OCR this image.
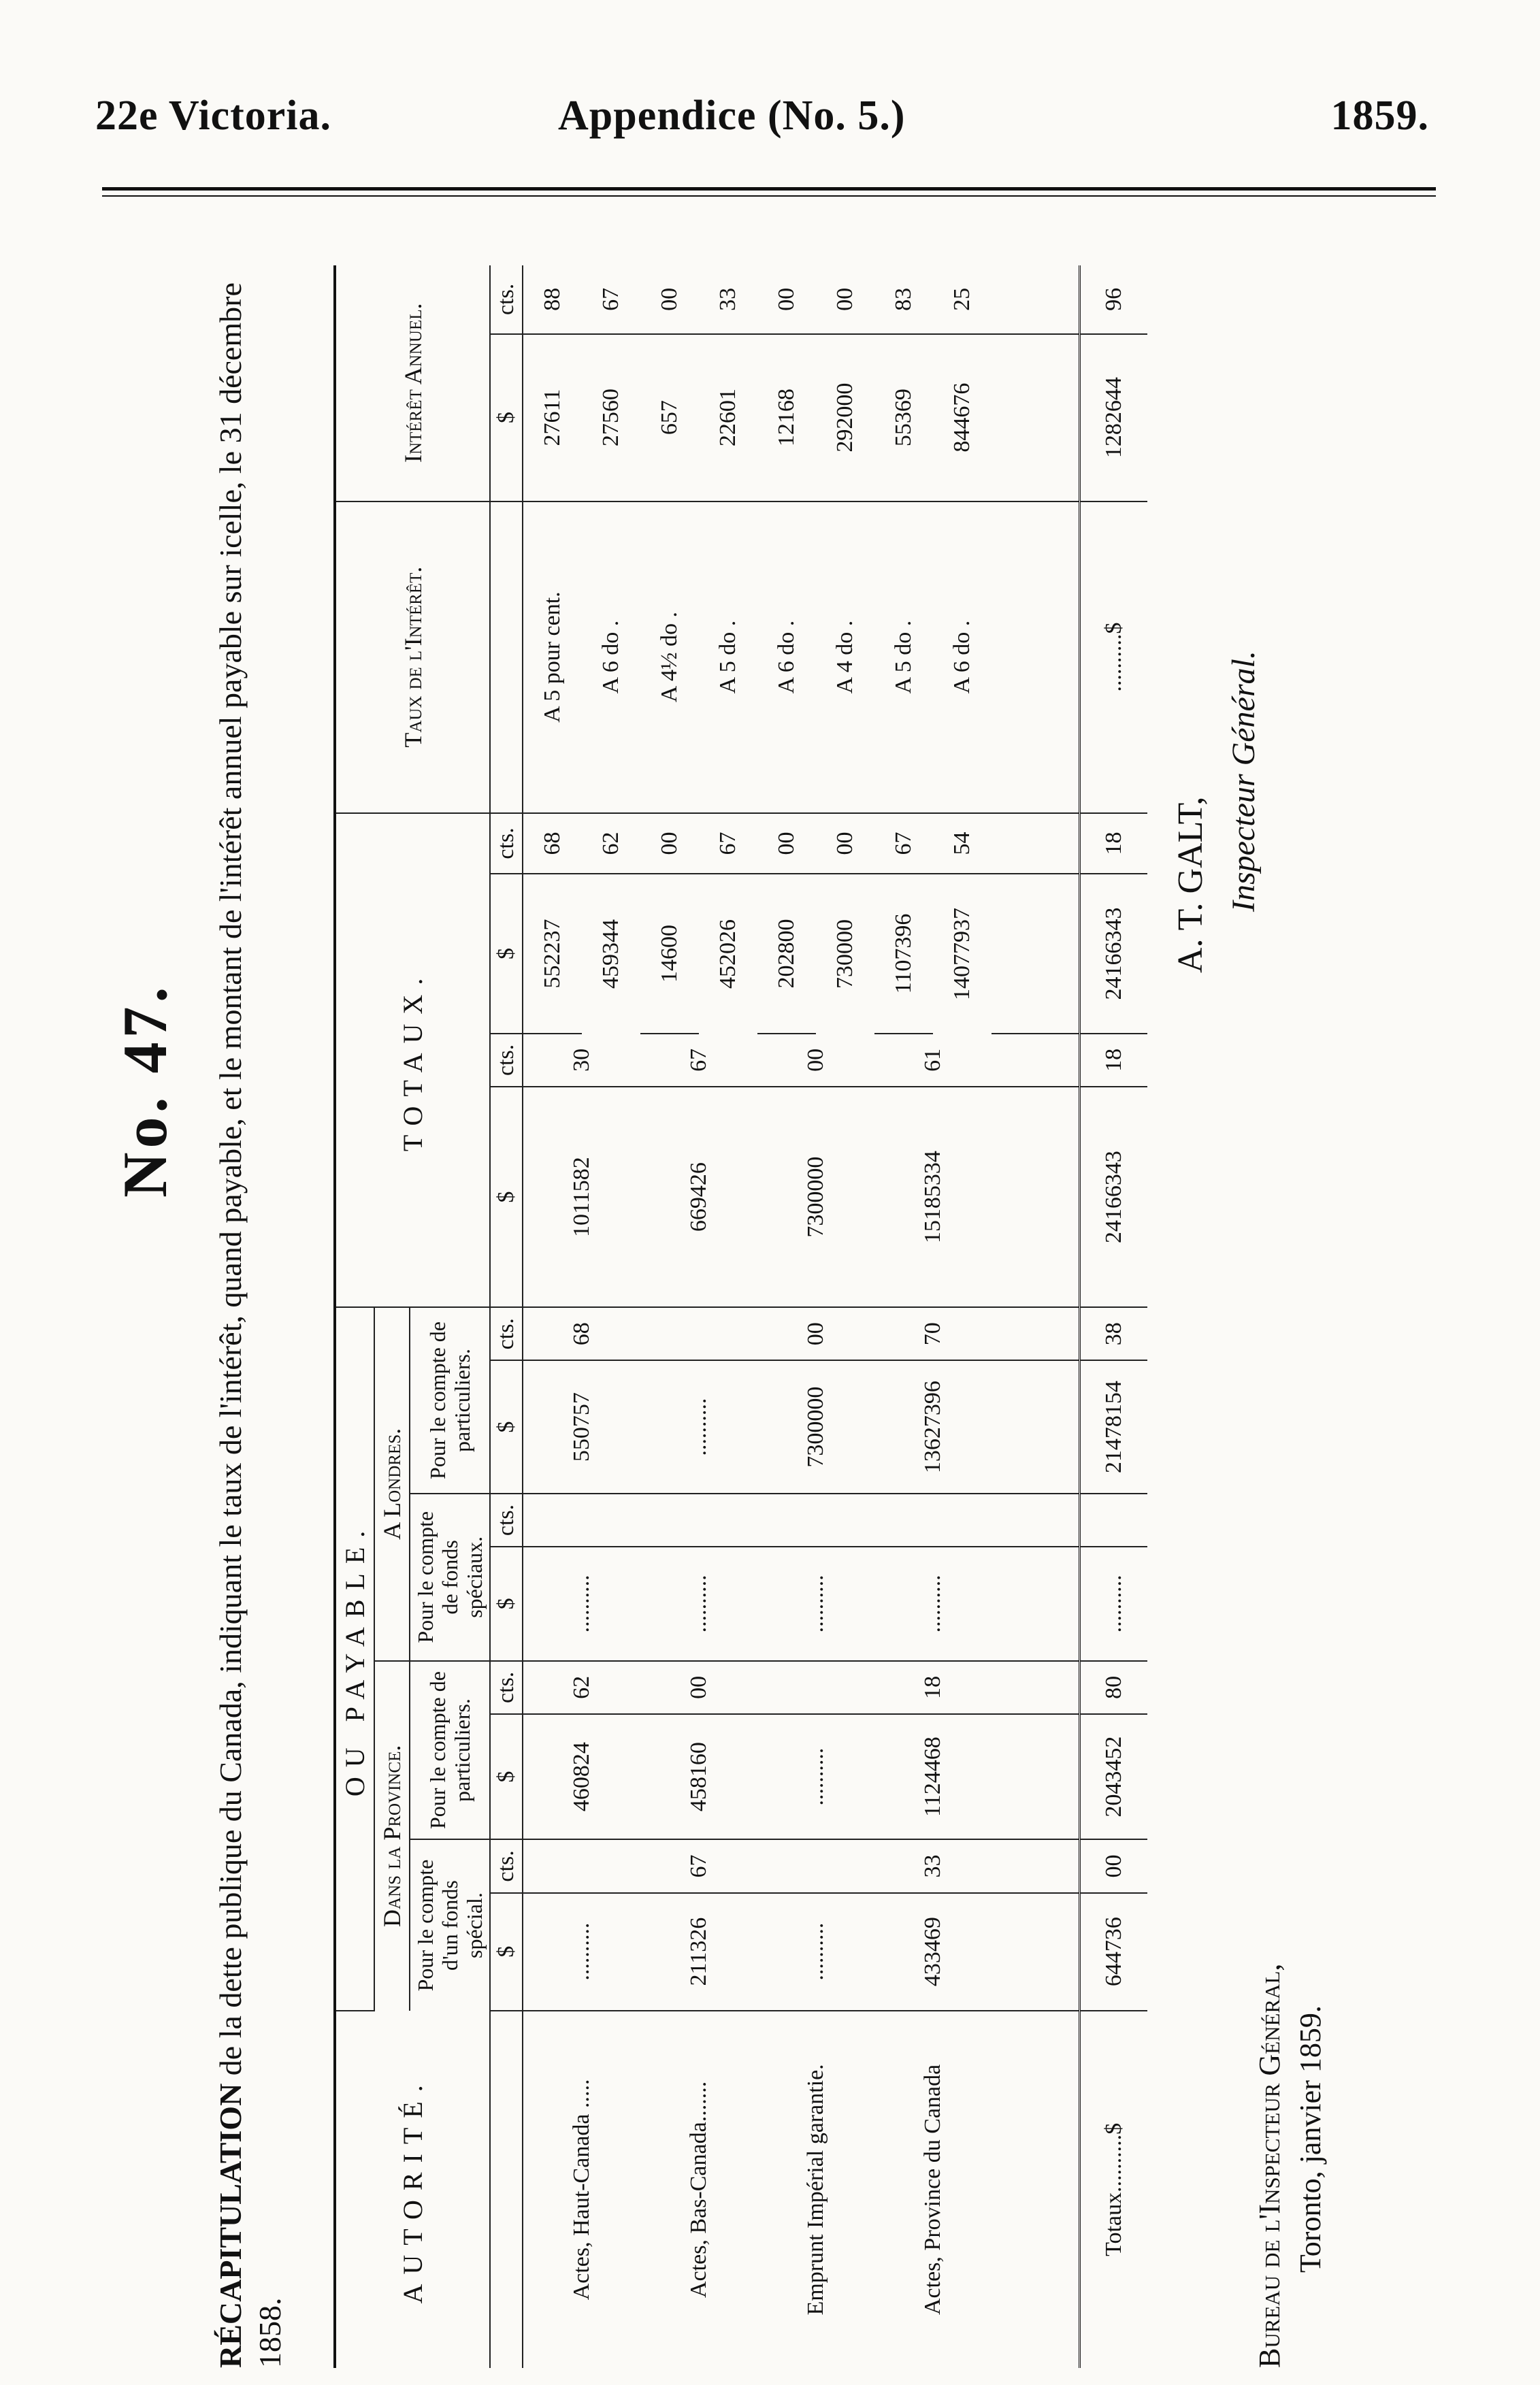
22e Victoria.	Appendice (No. 5.)	1859.
No. 47.
RÉCAPITULATION de la dette publique du Canada, indiquant le taux de l'intérêt, quand payable, et le montant de l'intérêt annuel payable sur icelle, le 31 décembre 1858.
AUTORITÉ.	OU PAYABLE.								TOTAUX.				Taux de l'Intérêt.	Intérêt Annuel.	
	Dans la Province.				A Londres.										
	Pour le compte d'un fonds spécial.		Pour le compte de particuliers.		Pour le compte de fonds spéciaux.		Pour le compte de particuliers.								
	$	cts.	$	cts.	$	cts.	$	cts.	$	cts.	$	cts.		$	cts.
Actes, Haut-Canada .....	..........		460824	62	..........		550757	68	1011582	30	552237	68	A 5 pour cent.	27611	88
											459344	62	A 6 do .	27560	67
Actes, Bas-Canada.......	211326	67	458160	00	..........		..........		669426	67	14600	00	A 4½ do .	657	00
											452026	67	A 5 do .	22601	33
Emprunt Impérial garantie.	..........		..........		..........		7300000	00	7300000	00	202800	00	A 6 do .	12168	00
											730000	00	A 4 do .	292000	00
Actes, Province du Canada	433469	33	1124468	18	..........		13627396	70	15185334	61	1107396	67	A 5 do .	55369	83
											14077937	54	A 6 do .	844676	25

Totaux..........$	644736	00	2043452	80	..........		21478154	38	24166343	18	24166343	18	..........$	1282644	96
A. T. GALT, Inspecteur Général.
Bureau de l'Inspecteur Général, Toronto, janvier 1859.
